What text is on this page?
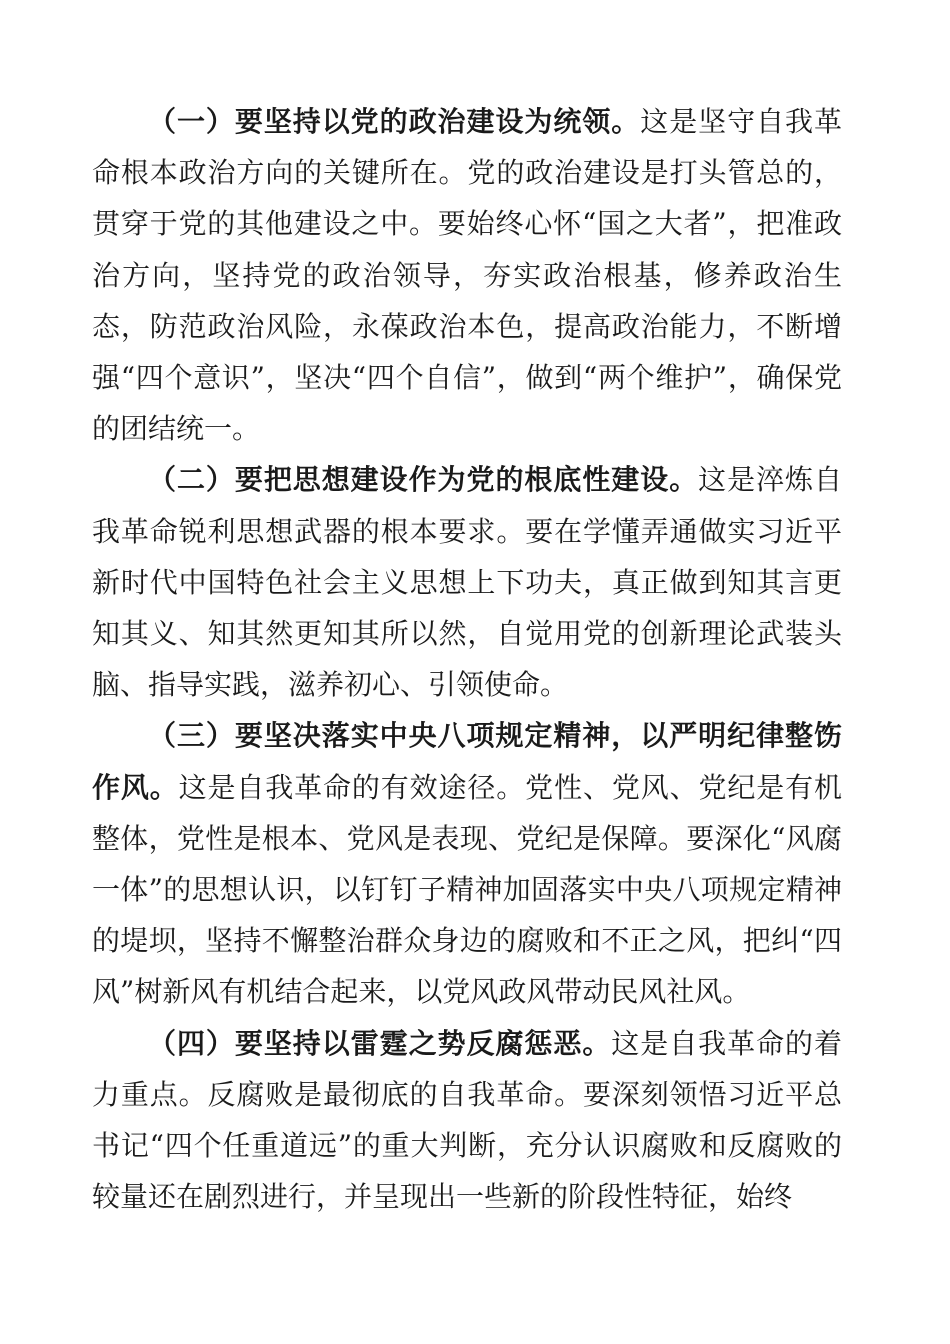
（一）要坚持以党的政治建设为统领。这是坚守自我革命根本政治方向的关键所在。党的政治建设是打头管总的，贯穿于党的其他建设之中。要始终心怀“国之大者”，把准政治方向，坚持党的政治领导，夯实政治根基，修养政治生态，防范政治风险，永葆政治本色，提高政治能力，不断增强“四个意识”，坚决“四个自信”，做到“两个维护”，确保党的团结统一。

（二）要把思想建设作为党的根底性建设。这是淬炼自我革命锐利思想武器的根本要求。要在学懂弄通做实习近平新时代中国特色社会主义思想上下功夫，真正做到知其言更知其义、知其然更知其所以然，自觉用党的创新理论武装头脑、指导实践，滋养初心、引领使命。

（三）要坚决落实中央八项规定精神，以严明纪律整饬作风。这是自我革命的有效途径。党性、党风、党纪是有机整体，党性是根本、党风是表现、党纪是保障。要深化“风腐一体”的思想认识，以钉钉子精神加固落实中央八项规定精神的堤坝，坚持不懈整治群众身边的腐败和不正之风，把纠“四风”树新风有机结合起来，以党风政风带动民风社风。

（四）要坚持以雷霆之势反腐惩恶。这是自我革命的着力重点。反腐败是最彻底的自我革命。要深刻领悟习近平总书记“四个任重道远”的重大判断，充分认识腐败和反腐败的较量还在剧烈进行，并呈现出一些新的阶段性特征，始终
